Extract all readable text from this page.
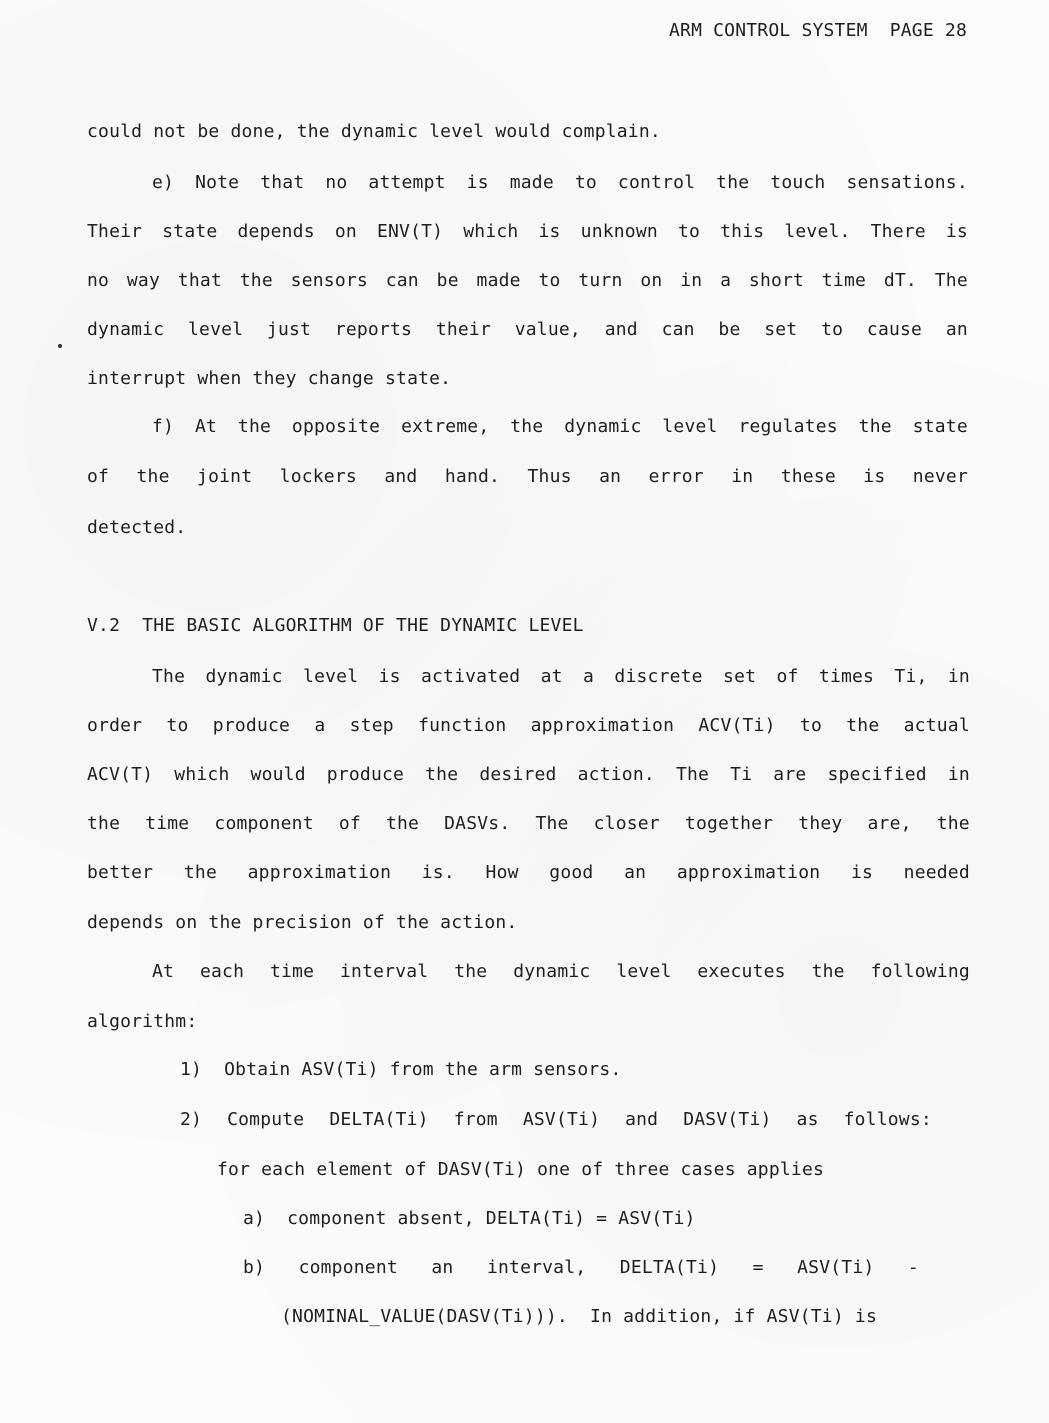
ARM CONTROL SYSTEM  PAGE 28
could not be done, the dynamic level would complain.
e) Note that no attempt is made to control the touch sensations.
Their state depends on ENV(T) which is unknown to this level. There is
no way that the sensors can be made to turn on in a short time dT. The
dynamic level just reports their value, and can be set to cause an
interrupt when they change state.
f) At the opposite extreme, the dynamic level regulates the state
of the joint lockers and hand. Thus an error in these is never
detected.
V.2  THE BASIC ALGORITHM OF THE DYNAMIC LEVEL
The dynamic level is activated at a discrete set of times Ti, in
order to produce a step function approximation ACV(Ti) to the actual
ACV(T) which would produce the desired action. The Ti are specified in
the time component of the DASVs. The closer together they are, the
better the approximation is. How good an approximation is needed
depends on the precision of the action.
At each time interval the dynamic level executes the following
algorithm:
1)  Obtain ASV(Ti) from the arm sensors.
2) Compute DELTA(Ti) from ASV(Ti) and DASV(Ti) as follows:
for each element of DASV(Ti) one of three cases applies
a)  component absent, DELTA(Ti) = ASV(Ti)
b) component an interval, DELTA(Ti) = ASV(Ti) -
(NOMINAL_VALUE(DASV(Ti))).  In addition, if ASV(Ti) is
